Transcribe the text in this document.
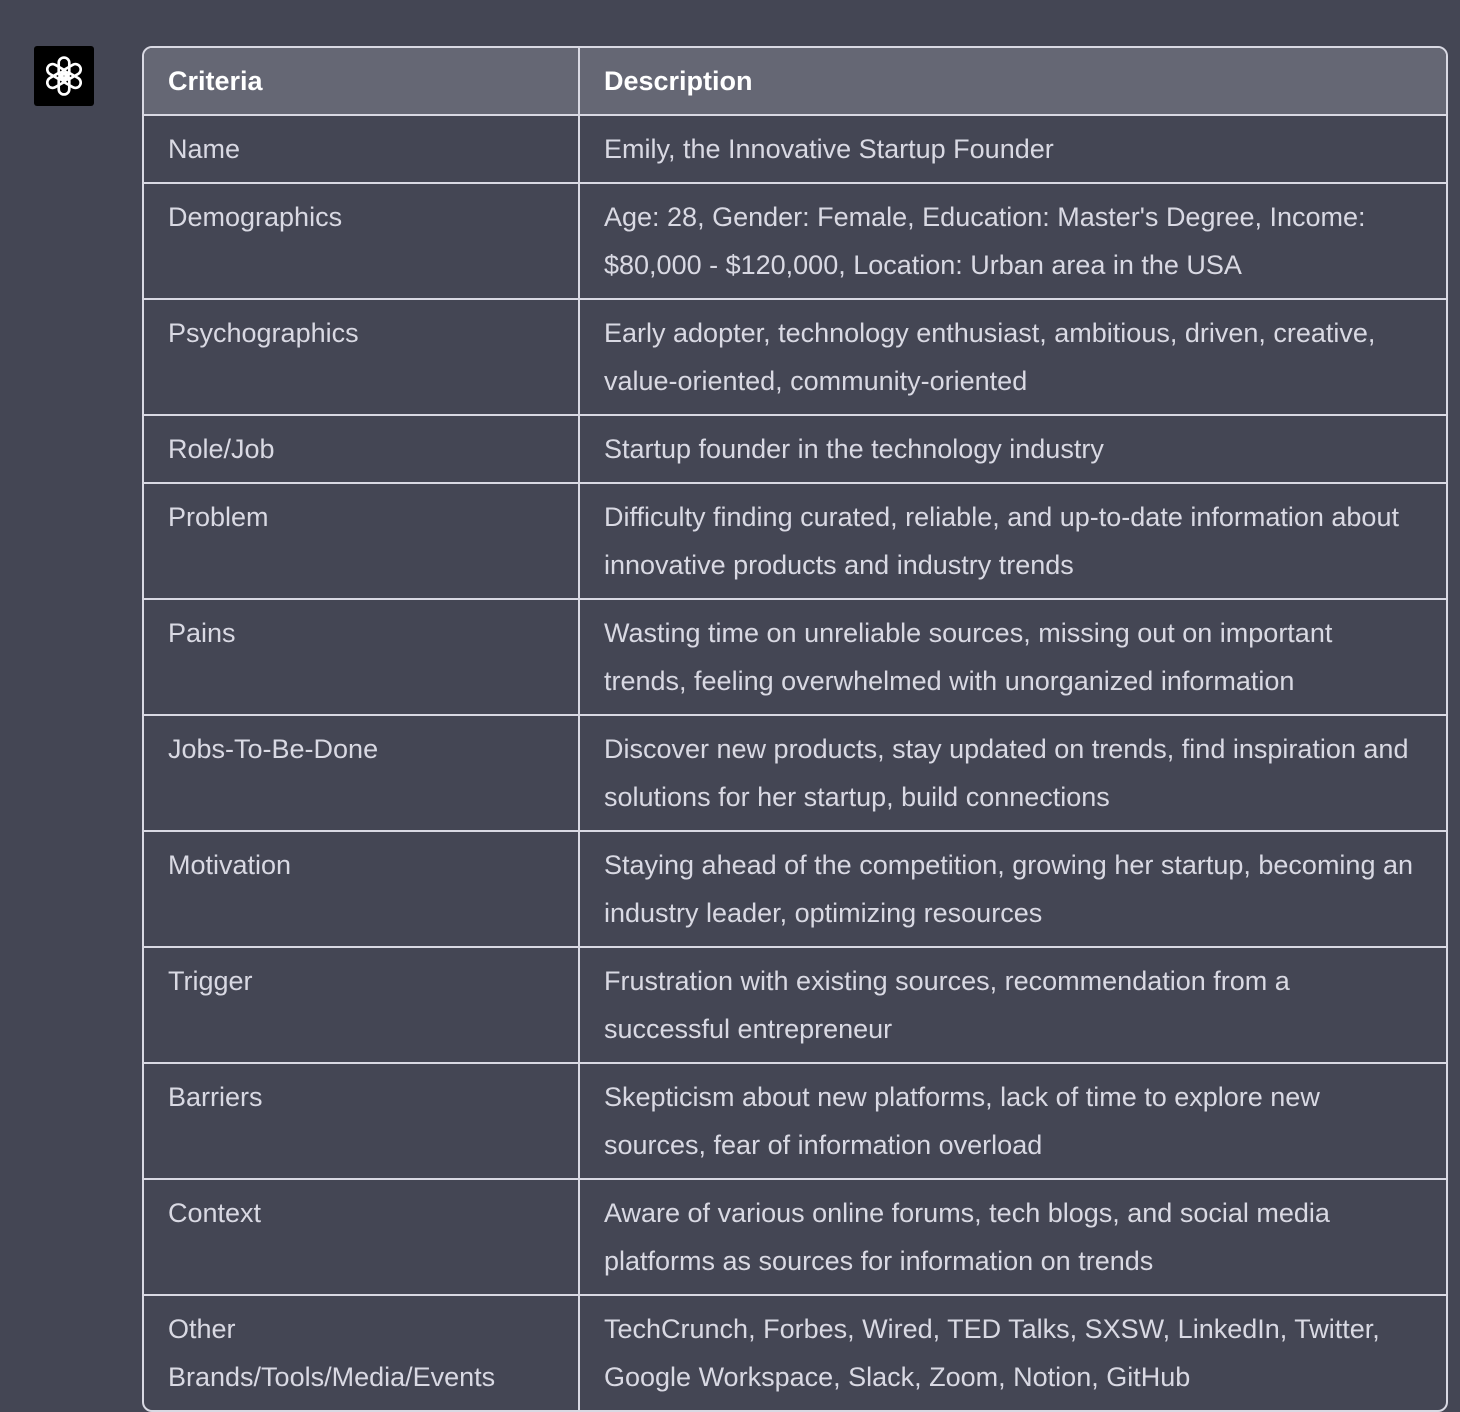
Criteria	Description
Name	Emily, the Innovative Startup Founder
Demographics	Age: 28, Gender: Female, Education: Master's Degree, Income: $80,000 - $120,000, Location: Urban area in the USA
Psychographics	Early adopter, technology enthusiast, ambitious, driven, creative, value-oriented, community-oriented
Role/Job	Startup founder in the technology industry
Problem	Difficulty finding curated, reliable, and up-to-date information about innovative products and industry trends
Pains	Wasting time on unreliable sources, missing out on important trends, feeling overwhelmed with unorganized information
Jobs-To-Be-Done	Discover new products, stay updated on trends, find inspiration and solutions for her startup, build connections
Motivation	Staying ahead of the competition, growing her startup, becoming an industry leader, optimizing resources
Trigger	Frustration with existing sources, recommendation from a successful entrepreneur
Barriers	Skepticism about new platforms, lack of time to explore new sources, fear of information overload
Context	Aware of various online forums, tech blogs, and social media platforms as sources for information on trends
Other Brands/Tools/Media/Events	TechCrunch, Forbes, Wired, TED Talks, SXSW, LinkedIn, Twitter, Google Workspace, Slack, Zoom, Notion, GitHub
